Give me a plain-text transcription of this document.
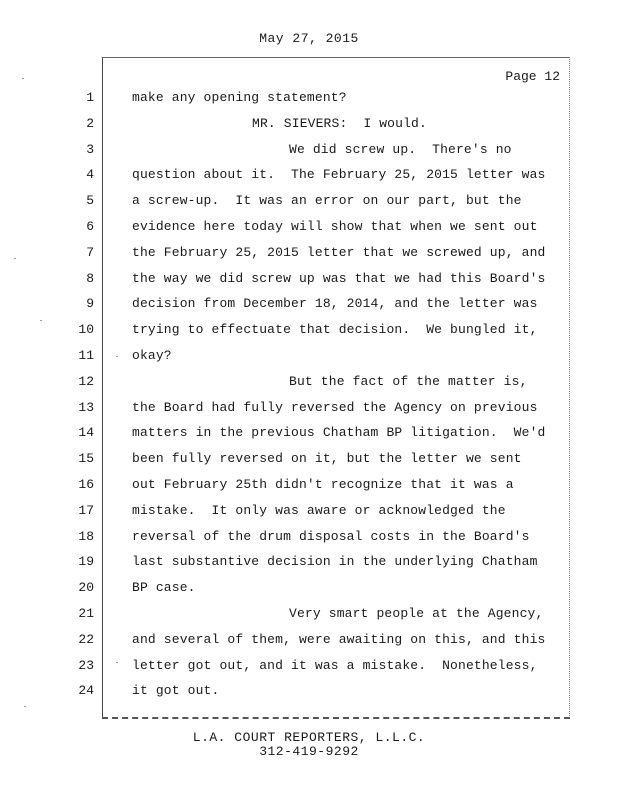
May 27, 2015
Page 12
1	make any opening statement?
2	MR. SIEVERS:  I would.
3	We did screw up.  There's no
4	question about it.  The February 25, 2015 letter was
5	a screw-up.  It was an error on our part, but the
6	evidence here today will show that when we sent out
7	the February 25, 2015 letter that we screwed up, and
8	the way we did screw up was that we had this Board's
9	decision from December 18, 2014, and the letter was
10	trying to effectuate that decision.  We bungled it,
11	okay?
12	But the fact of the matter is,
13	the Board had fully reversed the Agency on previous
14	matters in the previous Chatham BP litigation.  We'd
15	been fully reversed on it, but the letter we sent
16	out February 25th didn't recognize that it was a
17	mistake.  It only was aware or acknowledged the
18	reversal of the drum disposal costs in the Board's
19	last substantive decision in the underlying Chatham
20	BP case.
21	Very smart people at the Agency,
22	and several of them, were awaiting on this, and this
23	letter got out, and it was a mistake.  Nonetheless,
24	it got out.
L.A. COURT REPORTERS, L.L.C.
312-419-9292
